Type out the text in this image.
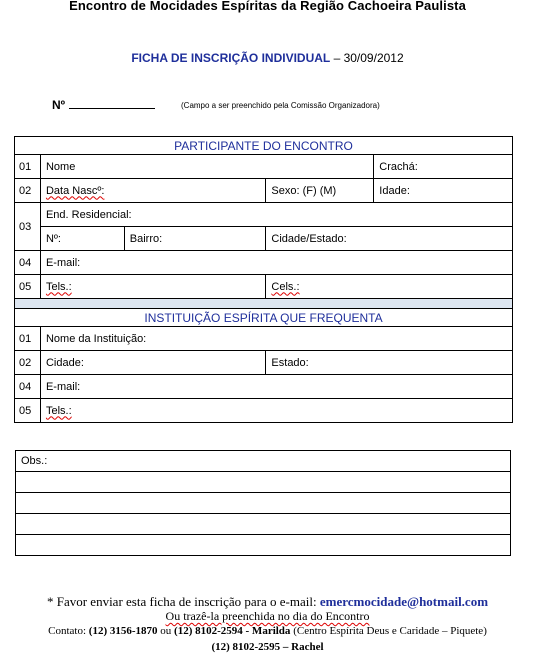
Encontro de Mocidades Espíritas da Região Cachoeira Paulista
FICHA DE INSCRIÇÃO INDIVIDUAL – 30/09/2012
Nº	(Campo a ser preenchido pela Comissão Organizadora)
PARTICIPANTE DO ENCONTRO				
01	Nome			Crachá:
02	Data Nascº:		Sexo: (F) (M)	Idade:
03	End. Residencial:			
	Nº:	Bairro:	Cidade/Estado:	
04	E-mail:			
05	Tels.:		Cels.:	

INSTITUIÇÃO ESPÍRITA QUE FREQUENTA				
01	Nome da Instituição:			
02	Cidade:		Estado:	
04	E-mail:			
05	Tels.:			
Obs.:

* Favor enviar esta ficha de inscrição para o e-mail: emercmocidade@hotmail.com
Ou trazê-la preenchida no dia do Encontro
Contato: (12) 3156-1870 ou (12) 8102-2594 - Marilda (Centro Espírita Deus e Caridade – Piquete)
(12) 8102-2595 – Rachel
